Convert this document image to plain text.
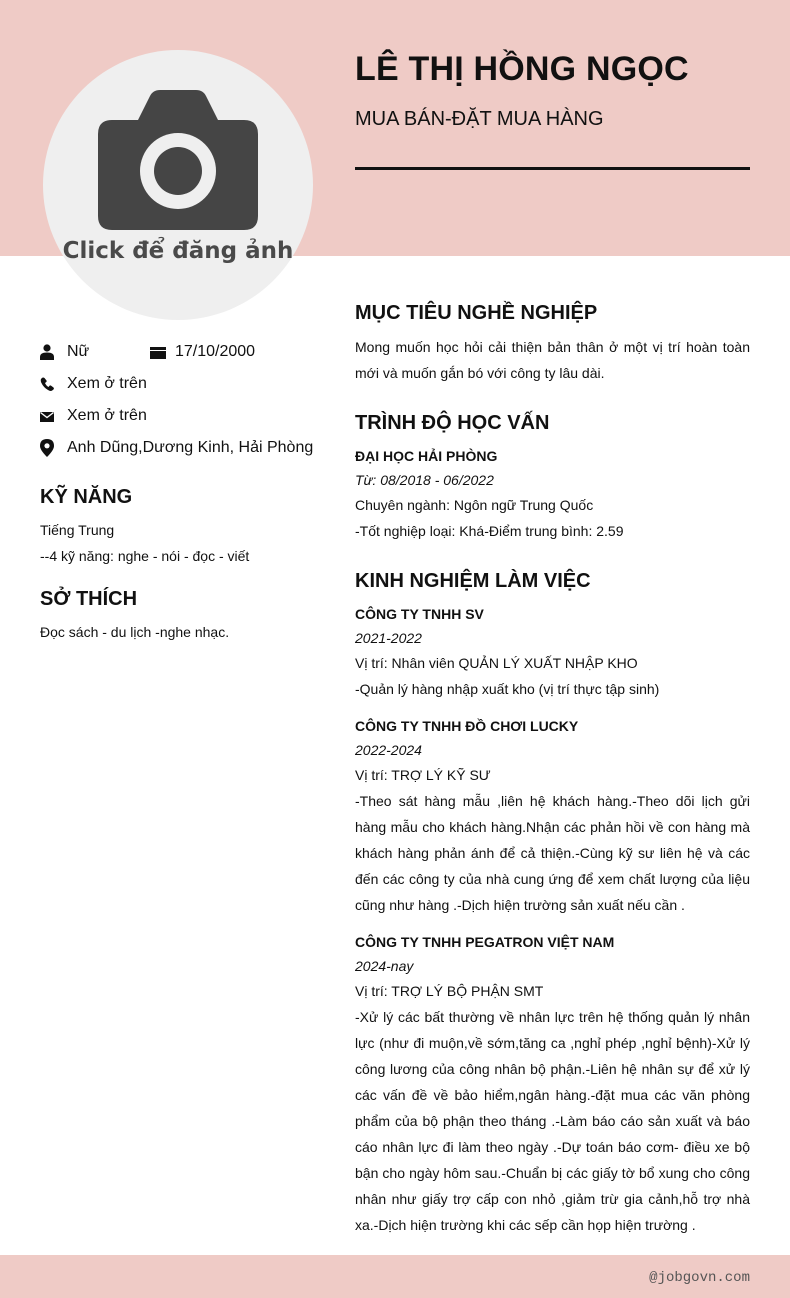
Click để đăng ảnh
LÊ THỊ HỒNG NGỌC
MUA BÁN-ĐẶT MUA HÀNG
Nữ	17/10/2000
Xem ở trên
Xem ở trên
Anh Dũng,Dương Kinh, Hải Phòng
KỸ NĂNG
Tiếng Trung
--4 kỹ năng: nghe - nói - đọc - viết
SỞ THÍCH
Đọc sách - du lịch -nghe nhạc.
MỤC TIÊU NGHỀ NGHIỆP
Mong muốn học hỏi cải thiện bản thân ở một vị trí hoàn toàn mới và muốn gắn bó với công ty lâu dài.
TRÌNH ĐỘ HỌC VẤN
ĐẠI HỌC HẢI PHÒNG
Từ: 08/2018 - 06/2022
Chuyên ngành: Ngôn ngữ Trung Quốc
-Tốt nghiệp loại: Khá-Điểm trung bình: 2.59
KINH NGHIỆM LÀM VIỆC
CÔNG TY TNHH SV
2021-2022
Vị trí: Nhân viên QUẢN LÝ XUẤT NHẬP KHO
-Quản lý hàng nhập xuất kho (vị trí thực tập sinh)
CÔNG TY TNHH ĐỒ CHƠI LUCKY
2022-2024
Vị trí: TRỢ LÝ KỸ SƯ
-Theo sát hàng mẫu ,liên hệ khách hàng.-Theo dõi lịch gửi hàng mẫu cho khách hàng.Nhận các phản hồi về con hàng mà khách hàng phản ánh để cả thiện.-Cùng kỹ sư liên hệ và các đến các công ty của nhà cung ứng để xem chất lượng của liệu cũng như hàng .-Dịch hiện trường sản xuất nếu cần .
CÔNG TY TNHH PEGATRON VIỆT NAM
2024-nay
Vị trí: TRỢ LÝ BỘ PHẬN SMT
-Xử lý các bất thường về nhân lực trên hệ thống quản lý nhân lực (như đi muộn,về sớm,tăng ca ,nghỉ phép ,nghỉ bệnh)-Xử lý công lương của công nhân bộ phận.-Liên hệ nhân sự để xử lý các vấn đề về bảo hiểm,ngân hàng.-đặt mua các văn phòng phẩm của bộ phận theo tháng .-Làm báo cáo sản xuất và báo cáo nhân lực đi làm theo ngày .-Dự toán báo cơm- điều xe bộ bận cho ngày hôm sau.-Chuẩn bị các giấy tờ bổ xung cho công nhân như giấy trợ cấp con nhỏ ,giảm trừ gia cảnh,hỗ trợ nhà xa.-Dịch hiện trường khi các sếp cần họp hiện trường .
@jobgovn.com
